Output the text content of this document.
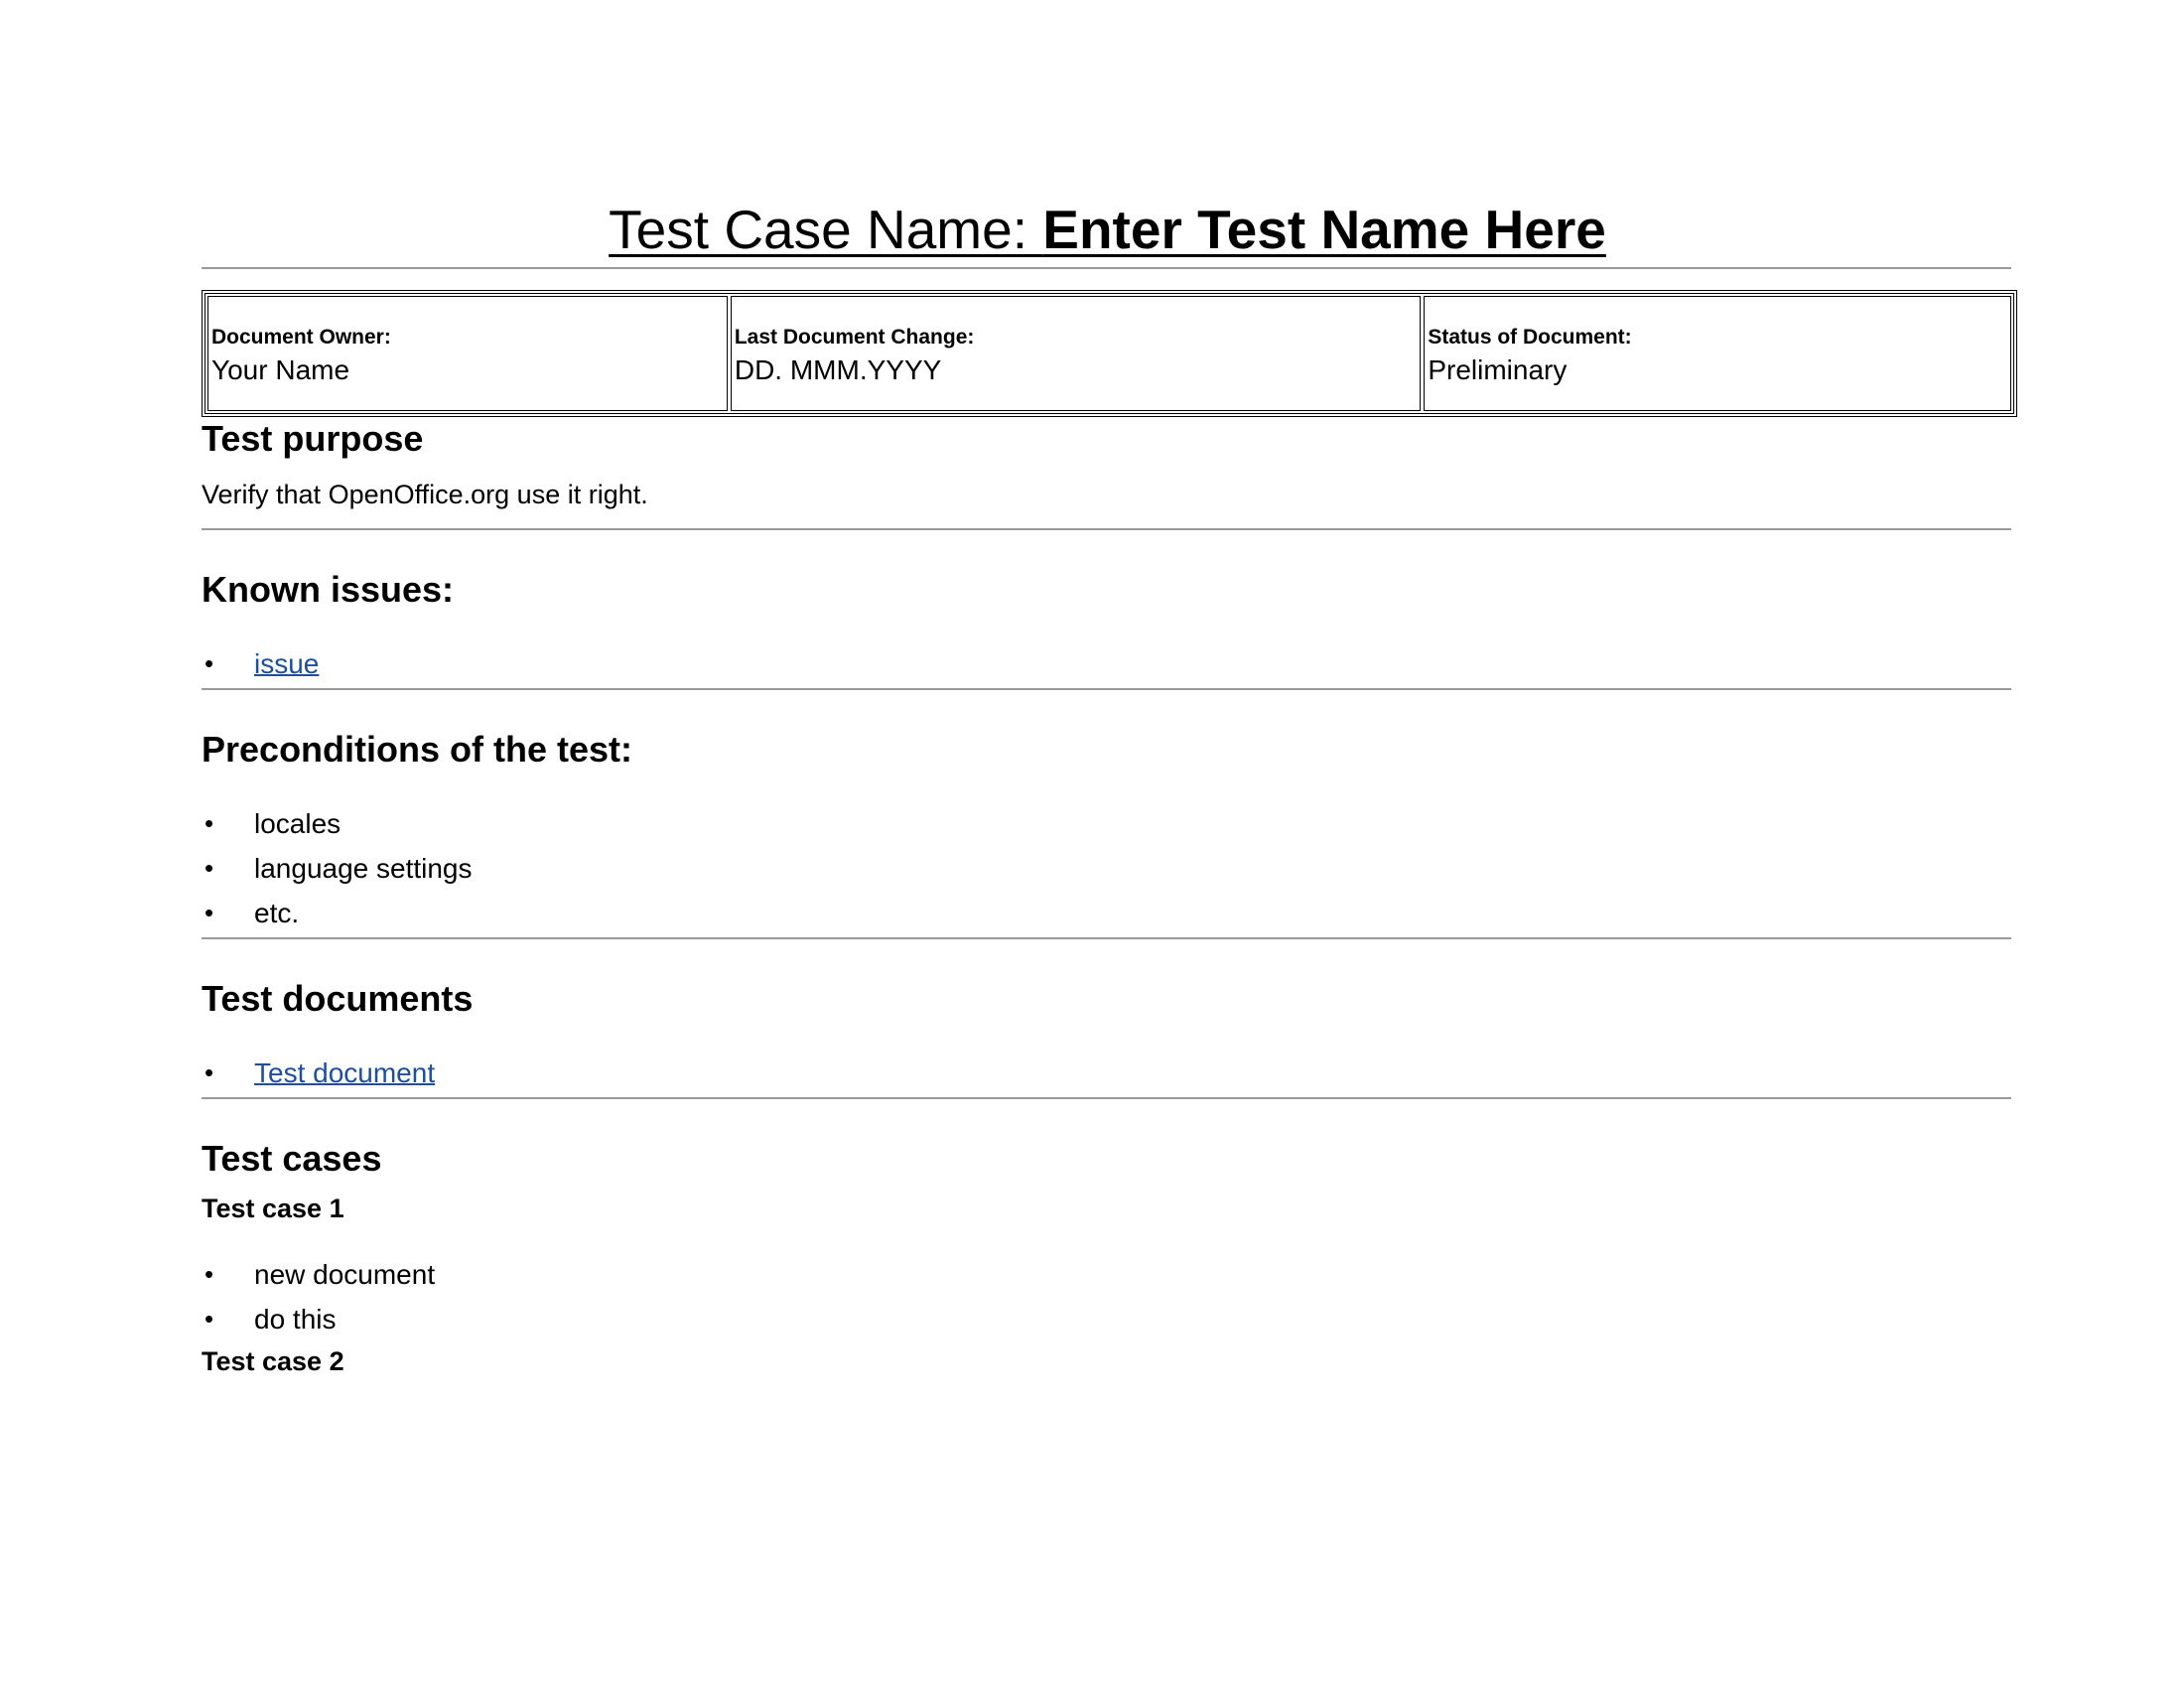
Test Case Name: Enter Test Name Here
Document Owner:
Your Name
Last Document Change:
DD. MMM.YYYY
Status of Document:
Preliminary
Test purpose

Verify that OpenOffice.org use it right.

Known issues:
• issue
Preconditions of the test:
• locales
• language settings
• etc.
Test documents
• Test document
Test cases
Test case 1
• new document
• do this
Test case 2
